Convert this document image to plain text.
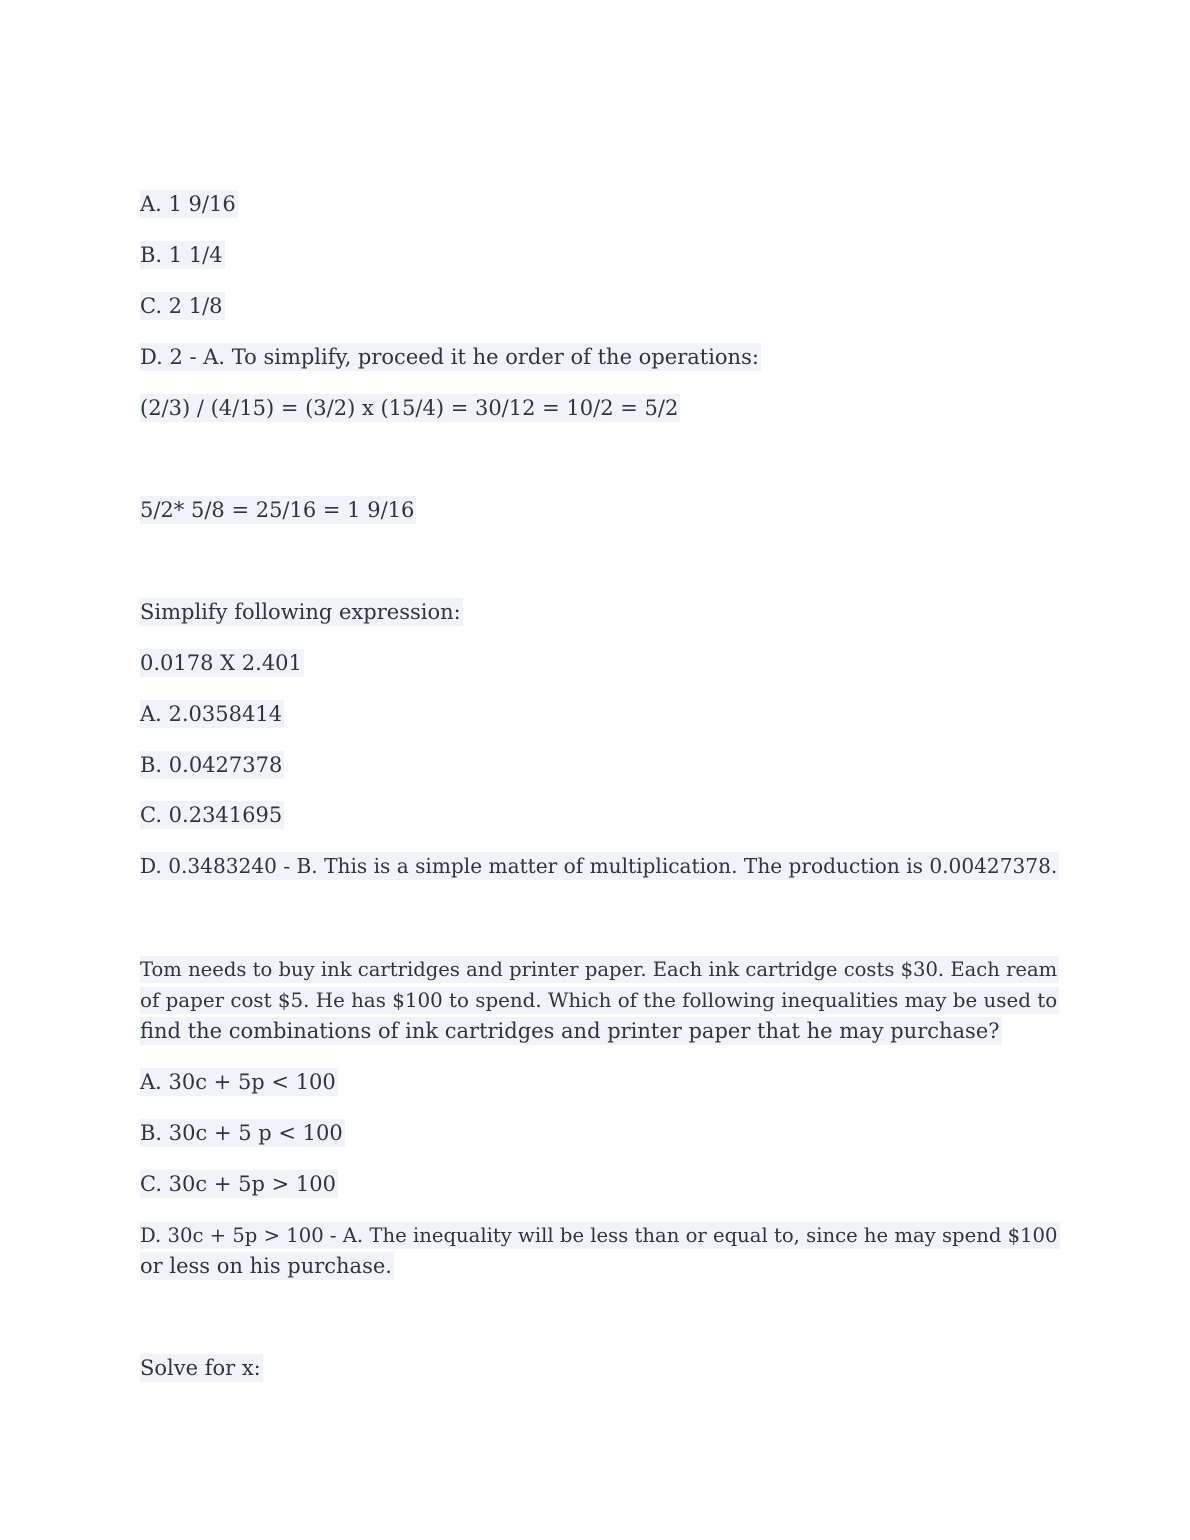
A. 1 9/16
B. 1 1/4
C. 2 1/8
D. 2 - A. To simplify, proceed it he order of the operations:
(2/3) / (4/15) = (3/2) x (15/4) = 30/12 = 10/2 = 5/2
5/2* 5/8 = 25/16 = 1 9/16
Simplify following expression:
0.0178 X 2.401
A. 2.0358414
B. 0.0427378
C. 0.2341695
D. 0.3483240 - B. This is a simple matter of multiplication. The production is 0.00427378.
Tom needs to buy ink cartridges and printer paper. Each ink cartridge costs $30. Each ream
of paper cost $5. He has $100 to spend. Which of the following inequalities may be used to
find the combinations of ink cartridges and printer paper that he may purchase?
A. 30c + 5p < 100
B. 30c + 5 p < 100
C. 30c + 5p > 100
D. 30c + 5p > 100 - A. The inequality will be less than or equal to, since he may spend $100
or less on his purchase.
Solve for x:
